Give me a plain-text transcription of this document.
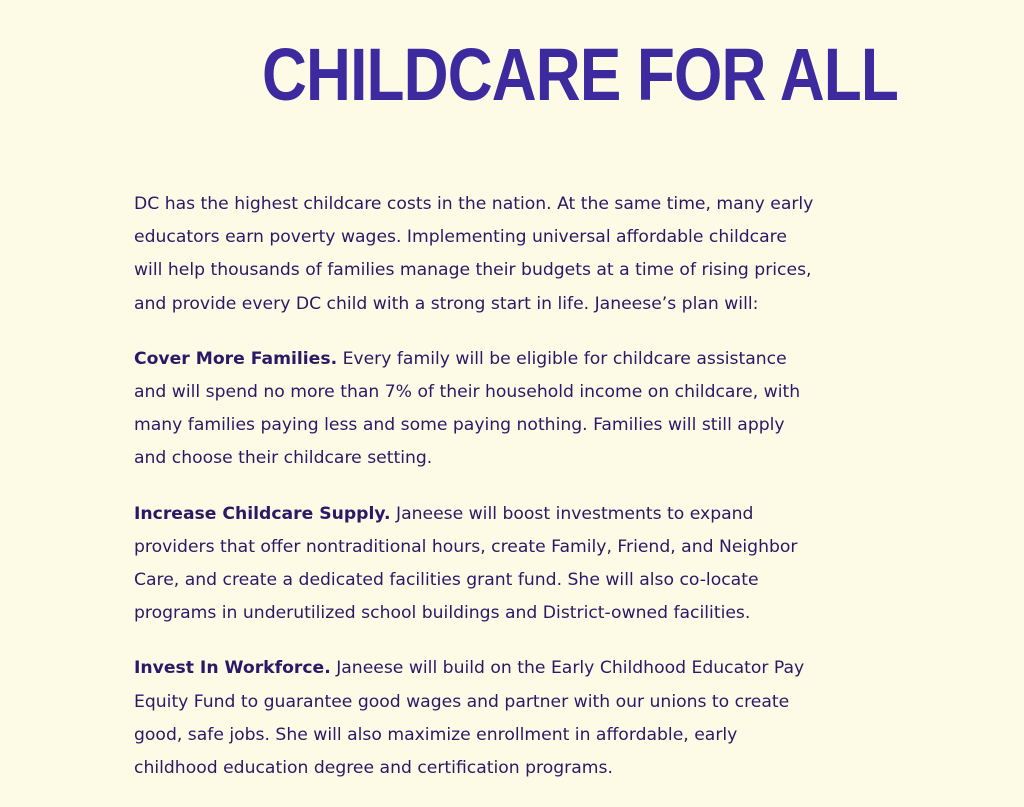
CHILDCARE FOR ALL

DC has the highest childcare costs in the nation. At the same time, many early educators earn poverty wages. Implementing universal affordable childcare will help thousands of families manage their budgets at a time of rising prices, and provide every DC child with a strong start in life. Janeese’s plan will:

Cover More Families. Every family will be eligible for childcare assistance and will spend no more than 7% of their household income on childcare, with many families paying less and some paying nothing. Families will still apply and choose their childcare setting.

Increase Childcare Supply. Janeese will boost investments to expand providers that offer nontraditional hours, create Family, Friend, and Neighbor Care, and create a dedicated facilities grant fund. She will also co-locate programs in underutilized school buildings and District-owned facilities.

Invest In Workforce. Janeese will build on the Early Childhood Educator Pay Equity Fund to guarantee good wages and partner with our unions to create good, safe jobs. She will also maximize enrollment in affordable, early childhood education degree and certification programs.
